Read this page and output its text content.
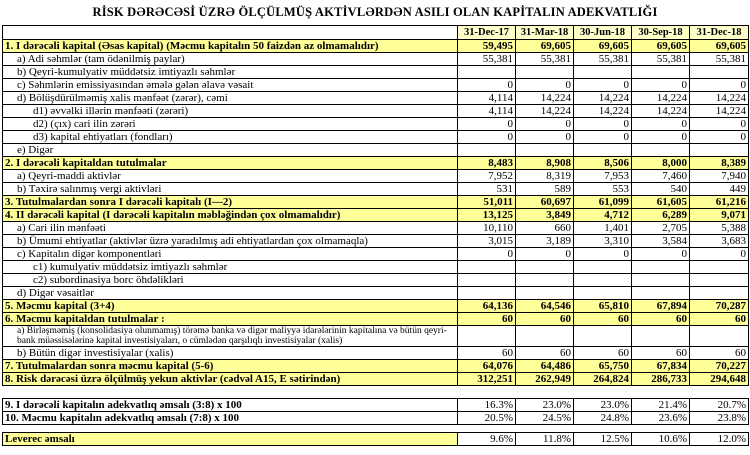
RİSK DƏRƏCƏSİ ÜZRƏ ÖLÇÜLMÜŞ AKTİVLƏRDƏN ASILI OLAN KAPİTALIN ADEKVATLIĞI
	31-Dec-17	31-Mar-18	30-Jun-18	30-Sep-18	31-Dec-18
1. I dərəcəli kapital (Əsas kapital) (Məcmu kapitalın 50 faizdən az olmamalıdır)	59,495	69,605	69,605	69,605	69,605
a) Adi səhmlər (tam ödənilmiş paylar)	55,381	55,381	55,381	55,381	55,381
b) Qeyri-kumulyativ müddətsiz imtiyazlı səhmlər					
c) Səhmlərin emissiyasından əmələ gələn əlavə vəsait	0	0	0	0	0
d) Bölüşdürülməmiş xalis mənfəət (zərər), cəmi	4,114	14,224	14,224	14,224	14,224
d1) əvvəlki illərin mənfəəti (zərəri)	4,114	14,224	14,224	14,224	14,224
d2) (çıx) cari ilin zərəri	0	0	0	0	0
d3) kapital ehtiyatları (fondları)	0	0	0	0	0
e) Digər					
2. I dərəcəli kapitaldan tutulmalar	8,483	8,908	8,506	8,000	8,389
a) Qeyri-maddi aktivlər	7,952	8,319	7,953	7,460	7,940
b) Təxirə salınmış vergi aktivləri	531	589	553	540	449
3. Tutulmalardan sonra I dərəcəli kapitalı (I—2)	51,011	60,697	61,099	61,605	61,216
4. II dərəcəli kapital (I dərəcəli kapitalın məbləğindən çox olmamalıdır)	13,125	3,849	4,712	6,289	9,071
a) Cari ilin mənfəəti	10,110	660	1,401	2,705	5,388
b) Ümumi ehtiyatlar (aktivlər üzrə yaradılmış adi ehtiyatlardan çox olmamaqla)	3,015	3,189	3,310	3,584	3,683
c) Kapitalın digər komponentləri	0	0	0	0	0
c1) kumulyativ müddətsiz imtiyazlı səhmlər					
c2) subordinasiya borc öhdəlikləri					
d) Digər vəsaitlər					
5. Məcmu kapital (3+4)	64,136	64,546	65,810	67,894	70,287
6. Məcmu kapitaldan tutulmalar :	60	60	60	60	60
a) Birləşməmiş (konsolidasiya olunmamış) törəmə banka və digər maliyyə idarələrinin kapitalına və bütün qeyri-bank müəssisələrinə kapital investisiyaları, o cümlədən qarşılıqlı investisiyalar (xalis)					
b) Bütün digər investisiyalar (xalis)	60	60	60	60	60
7. Tutulmalardan sonra məcmu kapital (5-6)	64,076	64,486	65,750	67,834	70,227
8. Risk dərəcəsi üzrə ölçülmüş yekun aktivlər (cədvəl A15, E sətirindən)	312,251	262,949	264,824	286,733	294,648
9. I dərəcəli kapitalın adekvatlıq əmsalı (3:8) x 100	16.3%	23.0%	23.0%	21.4%	20.7%
10. Məcmu kapitalın adekvatlıq əmsalı (7:8) x 100	20.5%	24.5%	24.8%	23.6%	23.8%
Leverec əmsalı	9.6%	11.8%	12.5%	10.6%	12.0%
